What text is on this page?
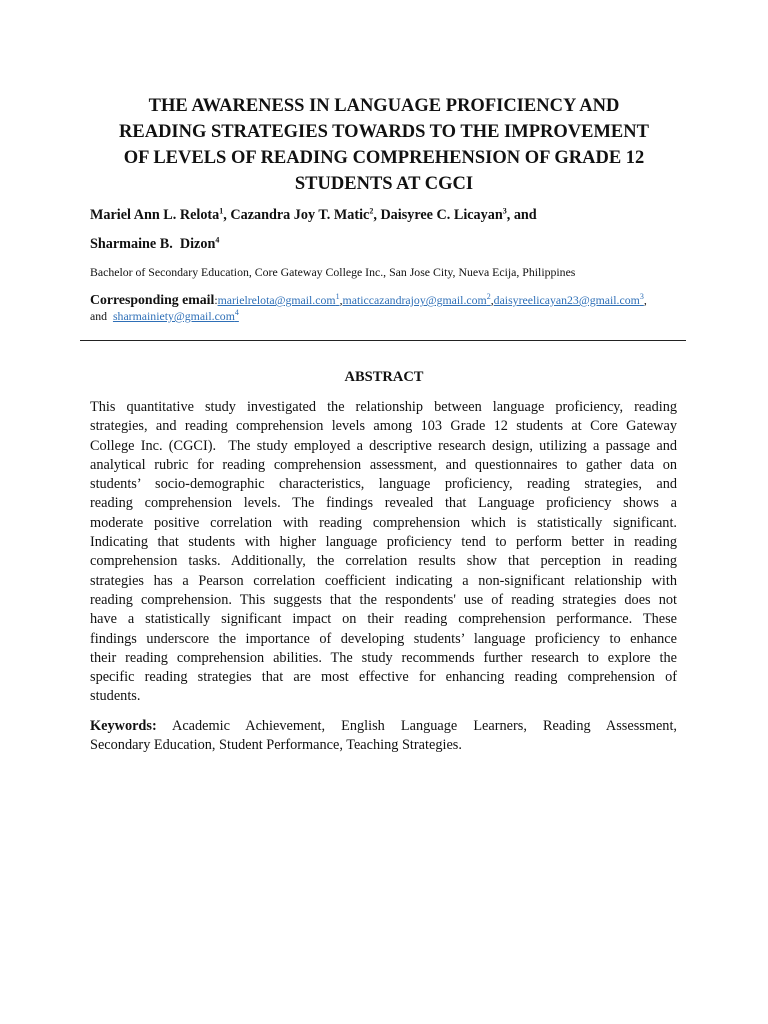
THE AWARENESS IN LANGUAGE PROFICIENCY AND
READING STRATEGIES TOWARDS TO THE IMPROVEMENT
OF LEVELS OF READING COMPREHENSION OF GRADE 12
STUDENTS AT CGCI
Mariel Ann L. Relota$^1$, Cazandra Joy T. Matic$^2$, Daisyree C. Licayan$^3$, and
Sharmaine B.  Dizon$^4$
Bachelor of Secondary Education, Core Gateway College Inc., San Jose City, Nueva Ecija, Philippines
Corresponding email:marielrelota@gmail.com$^1$,maticcazandrajoy@gmail.com$^2$,daisyreelicayan23@gmail.com$^3$,
and sharmainiety@gmail.com$^4$
ABSTRACT
This quantitative study investigated the relationship between language proficiency, reading
strategies, and reading comprehension levels among 103 Grade 12 students at Core Gateway
College Inc. (CGCI).  The study employed a descriptive research design, utilizing a passage and
analytical rubric for reading comprehension assessment, and questionnaires to gather data on
students’ socio-demographic characteristics, language proficiency, reading strategies, and
reading comprehension levels. The findings revealed that Language proficiency shows a
moderate positive correlation with reading comprehension which is statistically significant.
Indicating that students with higher language proficiency tend to perform better in reading
comprehension tasks. Additionally, the correlation results show that perception in reading
strategies has a Pearson correlation coefficient indicating a non-significant relationship with
reading comprehension. This suggests that the respondents' use of reading strategies does not
have a statistically significant impact on their reading comprehension performance. These
findings underscore the importance of developing students’ language proficiency to enhance
their reading comprehension abilities. The study recommends further research to explore the
specific reading strategies that are most effective for enhancing reading comprehension of
students.
Keywords: Academic Achievement, English Language Learners, Reading Assessment,
Secondary Education, Student Performance, Teaching Strategies.
